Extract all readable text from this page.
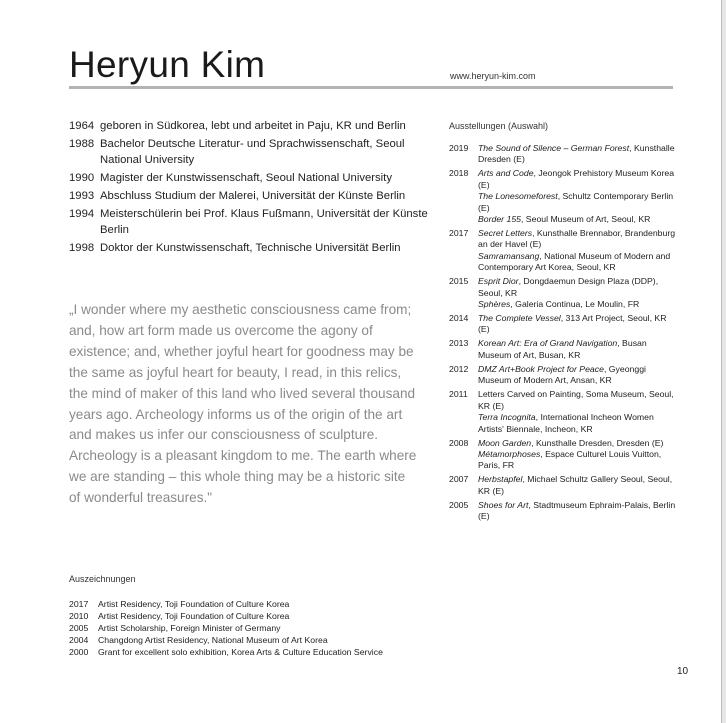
Heryun Kim	www.heryun-kim.com
1964 geboren in Südkorea, lebt und arbeitet in Paju, KR und Berlin
1988 Bachelor Deutsche Literatur- und Sprachwissenschaft, Seoul National University
1990 Magister der Kunstwissenschaft, Seoul National University
1993 Abschluss Studium der Malerei, Universität der Künste Berlin
1994 Meisterschülerin bei Prof. Klaus Fußmann, Universität der Künste Berlin
1998 Doktor der Kunstwissenschaft, Technische Universität Berlin
„I wonder where my aesthetic consciousness came from; and, how art form made us overcome the agony of existence; and, whether joyful heart for goodness may be the same as joyful heart for beauty, I read, in this relics, the mind of maker of this land who lived several thousand years ago. Archeology informs us of the origin of the art and makes us infer our consciousness of sculpture. Archeology is a pleasant kingdom to me. The earth where we are standing – this whole thing may be a historic site of wonderful treasures."
Ausstellungen (Auswahl)
2019	The Sound of Silence – German Forest, Kunsthalle Dresden (E)
2018	Arts and Code, Jeongok Prehistory Museum Korea (E)
The Lonesomeforest, Schultz Contemporary Berlin (E)
Border 155, Seoul Museum of Art, Seoul, KR
2017	Secret Letters, Kunsthalle Brennabor, Brandenburg an der Havel (E)
Samramansang, National Museum of Modern and Contemporary Art Korea, Seoul, KR
2015	Esprit Dior, Dongdaemun Design Plaza (DDP), Seoul, KR
Sphères, Galeria Continua, Le Moulin, FR
2014	The Complete Vessel, 313 Art Project, Seoul, KR (E)
2013	Korean Art: Era of Grand Navigation, Busan Museum of Art, Busan, KR
2012	DMZ Art+Book Project for Peace, Gyeonggi Museum of Modern Art, Ansan, KR
2011	Letters Carved on Painting, Soma Museum, Seoul, KR (E)
Terra Incognita, International Incheon Women Artists' Biennale, Incheon, KR
2008	Moon Garden, Kunsthalle Dresden, Dresden (E)
Métamorphoses, Espace Culturel Louis Vuitton, Paris, FR
2007	Herbstapfel, Michael Schultz Gallery Seoul, Seoul, KR (E)
2005	Shoes for Art, Stadtmuseum Ephraim-Palais, Berlin (E)
Auszeichnungen
2017	Artist Residency, Toji Foundation of Culture Korea
2010	Artist Residency, Toji Foundation of Culture Korea
2005	Artist Scholarship, Foreign Minister of Germany
2004	Changdong Artist Residency, National Museum of Art Korea
2000	Grant for excellent solo exhibition, Korea Arts & Culture Education Service
10
